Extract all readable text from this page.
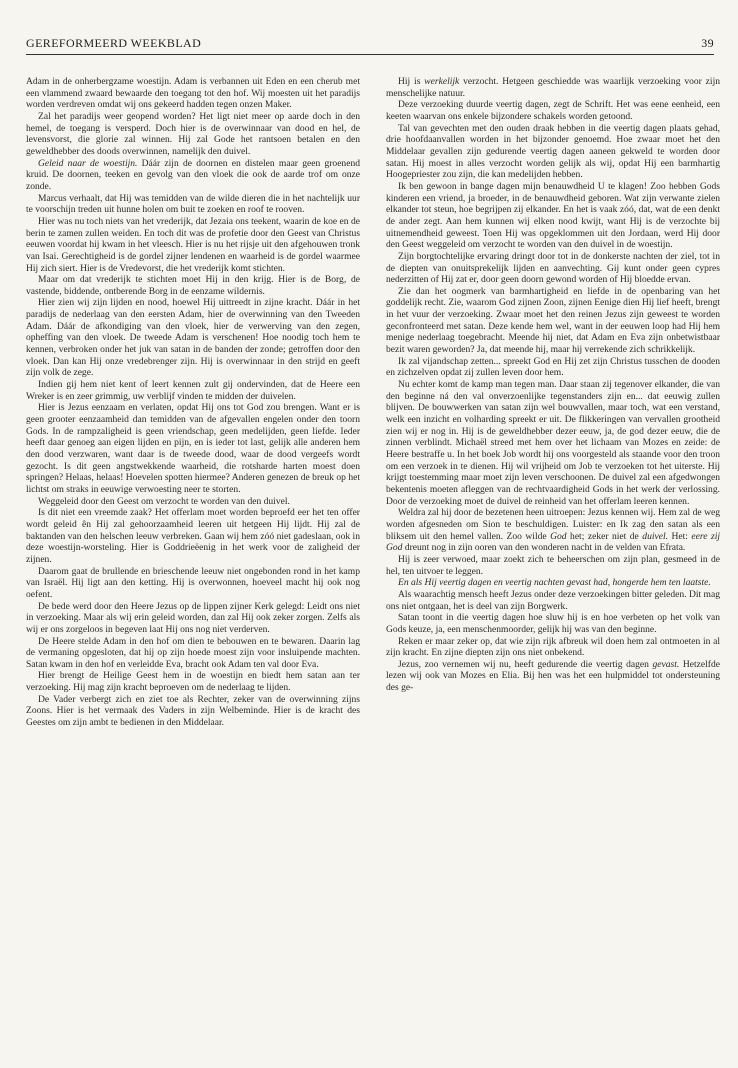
GEREFORMEERD WEEKBLAD	39

Adam in de onherbergzame woestijn. Adam is verbannen uit Eden en een cherub met een vlammend zwaard bewaarde den toegang tot den hof. Wij moesten uit het paradijs worden verdreven omdat wij ons gekeerd hadden tegen onzen Maker.

Zal het paradijs weer geopend worden? Het ligt niet meer op aarde doch in den hemel, de toegang is versperd. Doch hier is de overwinnaar van dood en hel, de levensvorst, die glorie zal winnen. Hij zal Gode het rantsoen betalen en den geweldhebber des doods overwinnen, namelijk den duivel.

Geleid naar de woestijn. Dáár zijn de doornen en distelen maar geen groenend kruid. De doornen, teeken en gevolg van den vloek die ook de aarde trof om onze zonde.

Marcus verhaalt, dat Hij was temidden van de wilde dieren die in het nachtelijk uur te voorschijn treden uit hunne holen om buit te zoeken en roof te rooven.

Hier was nu toch niets van het vrederijk, dat Jezaia ons teekent, waarin de koe en de berin te zamen zullen weiden. En toch dit was de profetie door den Geest van Christus eeuwen voordat hij kwam in het vleesch. Hier is nu het rijsje uit den afgehouwen tronk van Isai. Gerechtigheid is de gordel zijner lendenen en waarheid is de gordel waarmee Hij zich siert. Hier is de Vredevorst, die het vrederijk komt stichten.

Maar om dat vrederijk te stichten moet Hij in den krijg. Hier is de Borg, de vastende, biddende, ontberende Borg in de eenzame wildernis.

Hier zien wij zijn lijden en nood, hoewel Hij uittreedt in zijne kracht. Dáár in het paradijs de nederlaag van den eersten Adam, hier de overwinning van den Tweeden Adam. Dáár de afkondiging van den vloek, hier de verwerving van den zegen, opheffing van den vloek. De tweede Adam is verschenen! Hoe noodig toch hem te kennen, verbroken onder het juk van satan in de banden der zonde; getroffen door den vloek. Dan kan Hij onze vredebrenger zijn. Hij is overwinnaar in den strijd en geeft zijn volk de zege.

Indien gij hem niet kent of leert kennen zult gij ondervinden, dat de Heere een Wreker is en zeer grimmig, uw verblijf vinden te midden der duivelen.

Hier is Jezus eenzaam en verlaten, opdat Hij ons tot God zou brengen. Want er is geen grooter eenzaamheid dan temidden van de afgevallen engelen onder den toorn Gods. In de rampzaligheid is geen vriendschap, geen medelijden, geen liefde. Ieder heeft daar genoeg aan eigen lijden en pijn, en is ieder tot last, gelijk alle anderen hem den dood verzwaren, want daar is de tweede dood, waar de dood vergeefs wordt gezocht. Is dit geen angstwekkende waarheid, die rotsharde harten moest doen springen? Helaas, helaas! Hoevelen spotten hiermee? Anderen genezen de breuk op het lichtst om straks in eeuwige verwoesting neer te storten.

Weggeleid door den Geest om verzocht te worden van den duivel.

Is dit niet een vreemde zaak? Het offerlam moet worden beproefd eer het ten offer wordt geleid ên Hij zal gehoorzaamheid leeren uit hetgeen Hij lijdt. Hij zal de baktanden van den helschen leeuw verbreken. Gaan wij hem zóó niet gadeslaan, ook in deze woestijn-worsteling. Hier is Goddrieëenig in het werk voor de zaligheid der zijnen.

Daarom gaat de brullende en brieschende leeuw niet ongebonden rond in het kamp van Israël. Hij ligt aan den ketting. Hij is overwonnen, hoeveel macht hij ook nog oefent.

De bede werd door den Heere Jezus op de lippen zijner Kerk gelegd: Leidt ons niet in verzoeking. Maar als wij erin geleid worden, dan zal Hij ook zeker zorgen. Zelfs als wij er ons zorgeloos in begeven laat Hij ons nog niet verderven.

De Heere stelde Adam in den hof om dien te bebouwen en te bewaren. Daarin lag de vermaning opgesloten, dat hij op zijn hoede moest zijn voor insluipende machten. Satan kwam in den hof en verleidde Eva, bracht ook Adam ten val door Eva.

Hier brengt de Heilige Geest hem in de woestijn en biedt hem satan aan ter verzoeking. Hij mag zijn kracht beproeven om de nederlaag te lijden.

De Vader verbergt zich en ziet toe als Rechter, zeker van de overwinning zijns Zoons. Hier is het vermaak des Vaders in zijn Welbeminde. Hier is de kracht des Geestes om zijn ambt te bedienen in den Middelaar.

Hij is werkelijk verzocht. Hetgeen geschiedde was waarlijk verzoeking voor zijn menschelijke natuur.

Deze verzoeking duurde veertig dagen, zegt de Schrift. Het was eene eenheid, een keeten waarvan ons enkele bijzondere schakels worden getoond.

Tal van gevechten met den ouden draak hebben in die veertig dagen plaats gehad, drie hoofdaanvallen worden in het bijzonder genoemd. Hoe zwaar moet het den Middelaar gevallen zijn gedurende veertig dagen aaneen gekweld te worden door satan. Hij moest in alles verzocht worden gelijk als wij, opdat Hij een barmhartig Hoogepriester zou zijn, die kan medelijden hebben.

Ik ben gewoon in bange dagen mijn benauwdheid U te klagen! Zoo hebben Gods kinderen een vriend, ja broeder, in de benauwdheid geboren. Wat zijn verwante zielen elkander tot steun, hoe begrijpen zij elkander. En het is vaak zóó, dat, wat de een denkt de ander zegt. Aan hem kunnen wij elken nood kwijt, want Hij is de verzochte bij uitnemendheid geweest. Toen Hij was opgeklommen uit den Jordaan, werd Hij door den Geest weggeleid om verzocht te worden van den duivel in de woestijn.

Zijn borgtochtelijke ervaring dringt door tot in de donkerste nachten der ziel, tot in de diepten van onuitsprekelijk lijden en aanvechting. Gij kunt onder geen cypres nederzitten of Hij zat er, door geen doorn gewond worden of Hij bloedde ervan.

Zie dan het oogmerk van barmhartigheid en liefde in de openbaring van het goddelijk recht. Zie, waarom God zijnen Zoon, zijnen Eenige dien Hij lief heeft, brengt in het vuur der verzoeking. Zwaar moet het den reinen Jezus zijn geweest te worden geconfronteerd met satan. Deze kende hem wel, want in der eeuwen loop had Hij hem menige nederlaag toegebracht. Meende hij niet, dat Adam en Eva zijn onbetwistbaar bezit waren geworden? Ja, dat meende hij, maar hij verrekende zich schrikkelijk.

Ik zal vijandschap zetten... spreekt God en Hij zet zijn Christus tusschen de dooden en zichzelven opdat zij zullen leven door hem.

Nu echter komt de kamp man tegen man. Daar staan zij tegenover elkander, die van den beginne ná den val onverzoenlijke tegenstanders zijn en... dat eeuwig zullen blijven. De bouwwerken van satan zijn wel bouwvallen, maar toch, wat een verstand, welk een inzicht en volharding spreekt er uit. De flikkeringen van vervallen grootheid zien wij er nog in. Hij is de geweldhebber dezer eeuw, ja, de god dezer eeuw, die de zinnen verblindt. Michaël streed met hem over het lichaam van Mozes en zeide: de Heere bestraffe u. In het boek Job wordt hij ons voorgesteld als staande voor den troon om een verzoek in te dienen. Hij wil vrijheid om Job te verzoeken tot het uiterste. Hij krijgt toestemming maar moet zijn leven verschoonen. De duivel zal een afgedwongen bekentenis moeten afleggen van de rechtvaardigheid Gods in het werk der verlossing. Door de verzoeking moet de duivel de reinheid van het offerlam leeren kennen.

Weldra zal hij door de bezetenen heen uitroepen: Jezus kennen wij. Hem zal de weg worden afgesneden om Sion te beschuldigen. Luister: en Ik zag den satan als een bliksem uit den hemel vallen. Zoo wilde God het; zeker niet de duivel. Het: eere zij God dreunt nog in zijn ooren van den wonderen nacht in de velden van Efrata.

Hij is zeer verwoed, maar zoekt zich te beheerschen om zijn plan, gesmeed in de hel, ten uitvoer te leggen.

En als Hij veertig dagen en veertig nachten gevast had, hongerde hem ten laatste.

Als waarachtig mensch heeft Jezus onder deze verzoekingen bitter geleden. Dit mag ons niet ontgaan, het is deel van zijn Borgwerk.

Satan toont in die veertig dagen hoe sluw hij is en hoe verbeten op het volk van Gods keuze, ja, een menschenmoorder, gelijk hij was van den beginne.

Reken er maar zeker op, dat wie zijn rijk afbreuk wil doen hem zal ontmoeten in al zijn kracht. En zijne diepten zijn ons niet onbekend.

Jezus, zoo vernemen wij nu, heeft gedurende die veertig dagen gevast. Hetzelfde lezen wij ook van Mozes en Elia. Bij hen was het een hulpmiddel tot ondersteuning des ge-
